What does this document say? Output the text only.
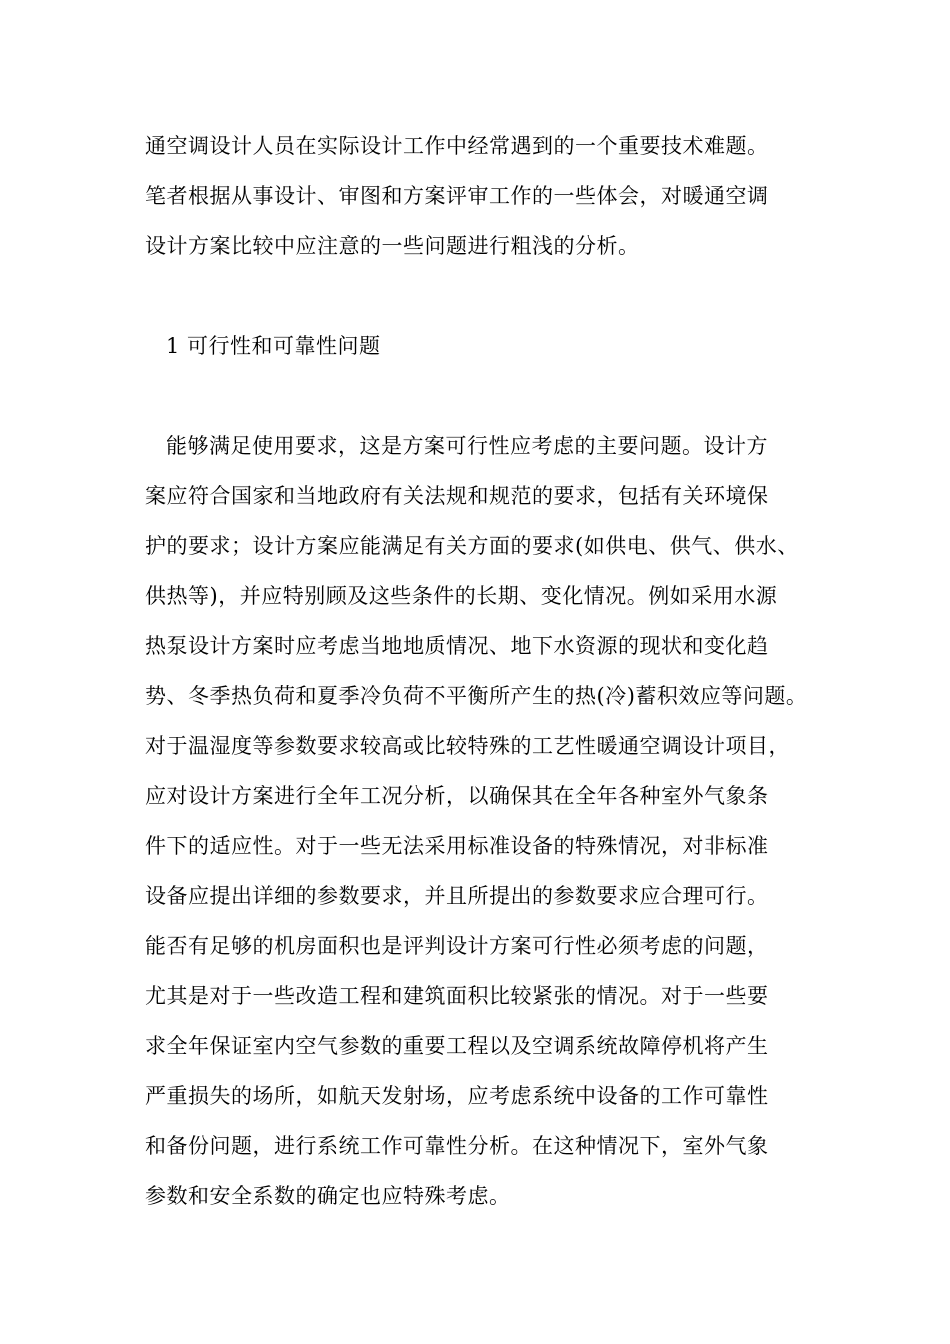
通空调设计人员在实际设计工作中经常遇到的一个重要技术难题。

笔者根据从事设计、审图和方案评审工作的一些体会，对暖通空调

设计方案比较中应注意的一些问题进行粗浅的分析。

1 可行性和可靠性问题

能够满足使用要求，这是方案可行性应考虑的主要问题。设计方

案应符合国家和当地政府有关法规和规范的要求，包括有关环境保

护的要求；设计方案应能满足有关方面的要求(如供电、供气、供水、

供热等)，并应特别顾及这些条件的长期、变化情况。例如采用水源

热泵设计方案时应考虑当地地质情况、地下水资源的现状和变化趋

势、冬季热负荷和夏季冷负荷不平衡所产生的热(冷)蓄积效应等问题。

对于温湿度等参数要求较高或比较特殊的工艺性暖通空调设计项目，

应对设计方案进行全年工况分析，以确保其在全年各种室外气象条

件下的适应性。对于一些无法采用标准设备的特殊情况，对非标准

设备应提出详细的参数要求，并且所提出的参数要求应合理可行。

能否有足够的机房面积也是评判设计方案可行性必须考虑的问题，

尤其是对于一些改造工程和建筑面积比较紧张的情况。对于一些要

求全年保证室内空气参数的重要工程以及空调系统故障停机将产生

严重损失的场所，如航天发射场，应考虑系统中设备的工作可靠性

和备份问题，进行系统工作可靠性分析。在这种情况下，室外气象

参数和安全系数的确定也应特殊考虑。
